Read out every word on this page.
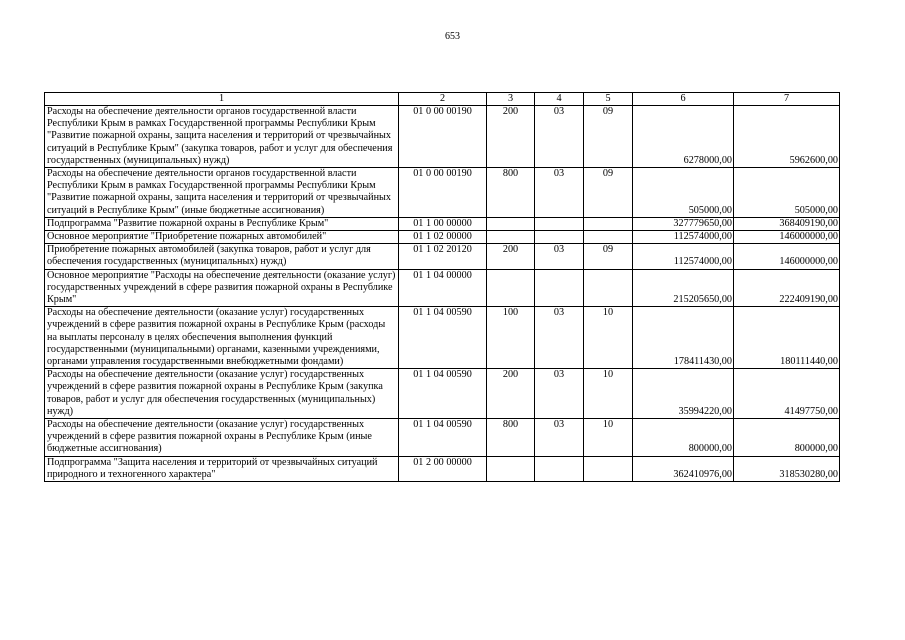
653
1	2	3	4	5	6	7
Расходы на обеспечение деятельности органов государственной власти Республики Крым в рамках Государственной программы Республики Крым "Развитие пожарной охраны, защита населения и территорий от чрезвычайных ситуаций в Республике Крым" (закупка товаров, работ и услуг для обеспечения государственных (муниципальных) нужд)	01 0 00 00190	200	03	09	6278000,00	5962600,00
Расходы на обеспечение деятельности органов государственной власти Республики Крым в рамках Государственной программы Республики Крым "Развитие пожарной охраны, защита населения и территорий от чрезвычайных ситуаций в Республике Крым" (иные бюджетные ассигнования)	01 0 00 00190	800	03	09	505000,00	505000,00
Подпрограмма "Развитие пожарной охраны в Республике Крым"	01 1 00 00000				327779650,00	368409190,00
Основное мероприятие "Приобретение пожарных автомобилей"	01 1 02 00000				112574000,00	146000000,00
Приобретение пожарных автомобилей (закупка товаров, работ и услуг для обеспечения государственных (муниципальных) нужд)	01 1 02 20120	200	03	09	112574000,00	146000000,00
Основное мероприятие "Расходы на обеспечение деятельности (оказание услуг) государственных учреждений в сфере развития пожарной охраны в Республике Крым"	01 1 04 00000				215205650,00	222409190,00
Расходы на обеспечение деятельности (оказание услуг) государственных учреждений в сфере развития пожарной охраны в Республике Крым (расходы на выплаты персоналу в целях обеспечения выполнения функций государственными (муниципальными) органами, казенными учреждениями, органами управления государственными внебюджетными фондами)	01 1 04 00590	100	03	10	178411430,00	180111440,00
Расходы на обеспечение деятельности (оказание услуг) государственных учреждений в сфере развития пожарной охраны в Республике Крым (закупка товаров, работ и услуг для обеспечения государственных (муниципальных) нужд)	01 1 04 00590	200	03	10	35994220,00	41497750,00
Расходы на обеспечение деятельности (оказание услуг) государственных учреждений в сфере развития пожарной охраны в Республике Крым (иные бюджетные ассигнования)	01 1 04 00590	800	03	10	800000,00	800000,00
Подпрограмма "Защита населения и территорий от чрезвычайных ситуаций природного и техногенного характера"	01 2 00 00000				362410976,00	318530280,00
